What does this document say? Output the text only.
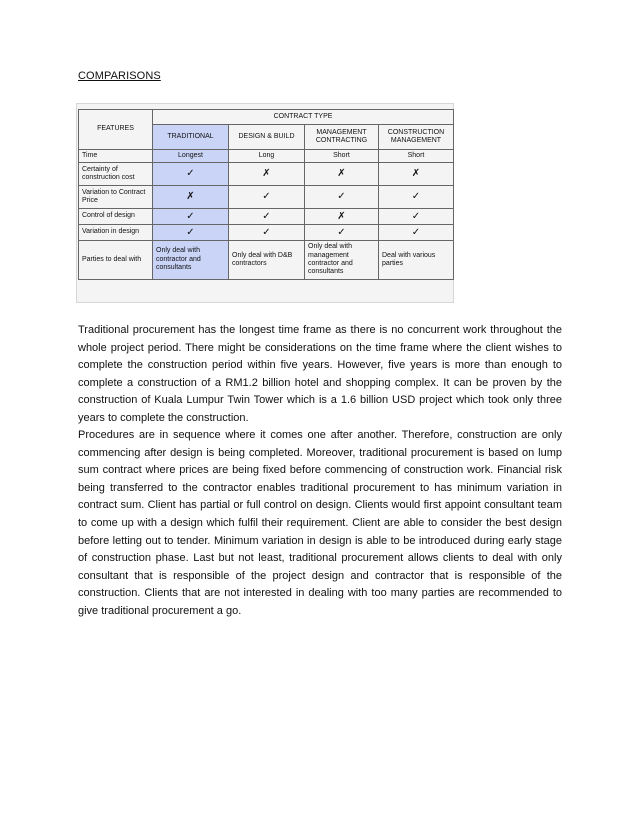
COMPARISONS
FEATURES	CONTRACT TYPE			
	TRADITIONAL	DESIGN & BUILD	MANAGEMENT CONTRACTING	CONSTRUCTION MANAGEMENT
Time	Longest	Long	Short	Short
Certainty of construction cost	✓	✗	✗	✗
Variation to Contract Price	✗	✓	✓	✓
Control of design	✓	✓	✗	✓
Variation in design	✓	✓	✓	✓
Parties to deal with	Only deal with contractor and consultants	Only deal with D&B contractors	Only deal with management contractor and consultants	Deal with various parties

Traditional procurement has the longest time frame as there is no concurrent work throughout the whole project period. There might be considerations on the time frame where the client wishes to complete the construction period within five years. However, five years is more than enough to complete a construction of a RM1.2 billion hotel and shopping complex. It can be proven by the construction of Kuala Lumpur Twin Tower which is a 1.6 billion USD project which took only three years to complete the construction.

Procedures are in sequence where it comes one after another. Therefore, construction are only commencing after design is being completed. Moreover, traditional procurement is based on lump sum contract where prices are being fixed before commencing of construction work. Financial risk being transferred to the contractor enables traditional procurement to has minimum variation in contract sum. Client has partial or full control on design. Clients would first appoint consultant team to come up with a design which fulfil their requirement. Client are able to consider the best design before letting out to tender. Minimum variation in design is able to be introduced during early stage of construction phase. Last but not least, traditional procurement allows clients to deal with only consultant that is responsible of the project design and contractor that is responsible of the construction. Clients that are not interested in dealing with too many parties are recommended to give traditional procurement a go.
